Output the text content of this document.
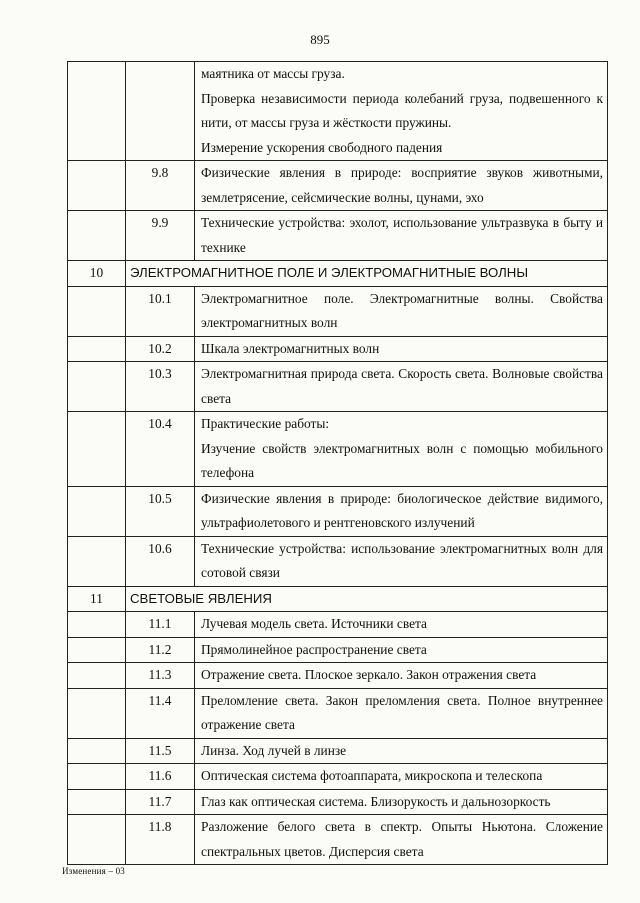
895

		маятника от массы груза.
Проверка независимости периода колебаний груза, подвешенного к нити, от массы груза и жёсткости пружины.
Измерение ускорения свободного падения

	9.8	Физические явления в природе: восприятие звуков животными, землетрясение, сейсмические волны, цунами, эхо
	9.9	Технические устройства: эхолот, использование ультразвука в быту и технике
10	ЭЛЕКТРОМАГНИТНОЕ ПОЛЕ И ЭЛЕКТРОМАГНИТНЫЕ ВОЛНЫ	
	10.1	Электромагнитное поле. Электромагнитные волны. Свойства электромагнитных волн
	10.2	Шкала электромагнитных волн
	10.3	Электромагнитная природа света. Скорость света. Волновые свойства света
	10.4	Практические работы:
Изучение свойств электромагнитных волн с помощью мобильного телефона

	10.5	Физические явления в природе: биологическое действие видимого, ультрафиолетового и рентгеновского излучений
	10.6	Технические устройства: использование электромагнитных волн для сотовой связи
11	СВЕТОВЫЕ ЯВЛЕНИЯ	
	11.1	Лучевая модель света. Источники света
	11.2	Прямолинейное распространение света
	11.3	Отражение света. Плоское зеркало. Закон отражения света
	11.4	Преломление света. Закон преломления света. Полное внутреннее отражение света
	11.5	Линза. Ход лучей в линзе
	11.6	Оптическая система фотоаппарата, микроскопа и телескопа
	11.7	Глаз как оптическая система. Близорукость и дальнозоркость
	11.8	Разложение белого света в спектр. Опыты Ньютона. Сложение спектральных цветов. Дисперсия света
Изменения – 03
